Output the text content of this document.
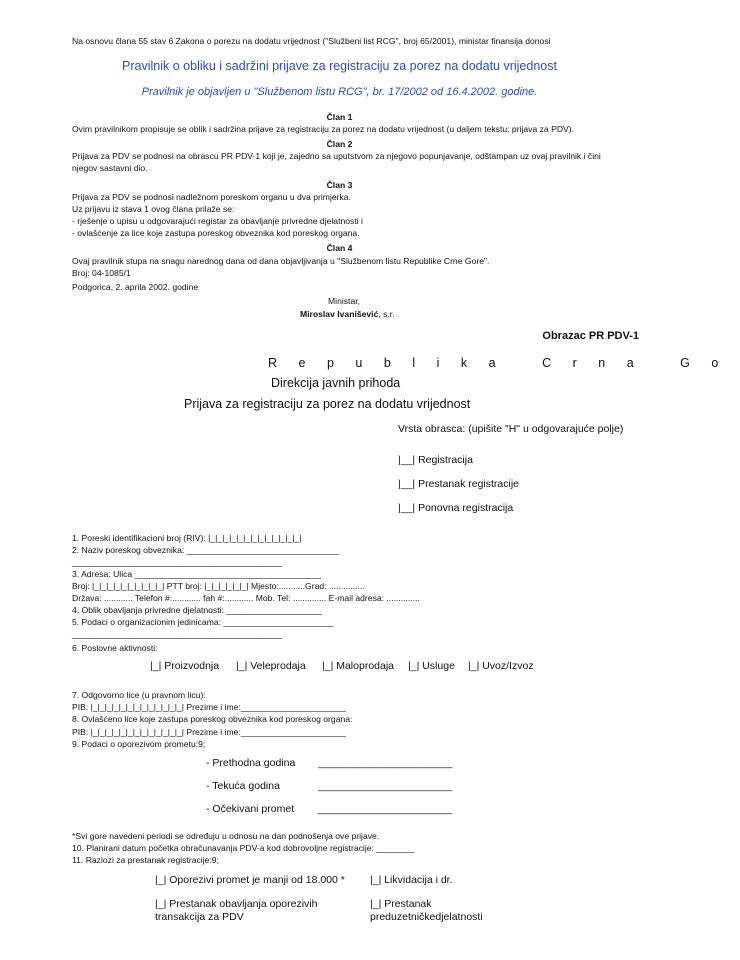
Na osnovu člana 55 stav 6 Zakona o porezu na dodatu vrijednost ("Službeni list RCG", broj 65/2001), ministar finansija donosi
Pravilnik o obliku i sadržini prijave za registraciju za porez na dodatu vrijednost
Pravilnik je objavljen u "Službenom listu RCG", br. 17/2002 od 16.4.2002. godine.
Član 1
Ovim pravilnikom propisuje se oblik i sadržina prijave za registraciju za porez na dodatu vrijednost (u daljem tekstu: prijava za PDV).
Član 2
Prijava za PDV se podnosi na obrascu PR PDV-1 koji je, zajedno sa uputstvom za njegovo popunjavanje, odštampan uz ovaj pravilnik i čini
njegov sastavni dio.
Član 3
Prijava za PDV se podnosi nadležnom poreskom organu u dva primjerka.
Uz prijavu iz stava 1 ovog člana prilaže se:
- rješenje o upisu u odgovarajući registar za obavljanje privredne djelatnosti i
- ovlašćenje za lice koje zastupa poreskog obveznika kod poreskog organa.
Član 4
Ovaj pravilnik stupa na snagu narednog dana od dana objavljivanja u "Službenom listu Republike Crne Gore".
Broj: 04-1085/1
Podgorica, 2. aprila 2002. godine
Ministar,
Miroslav Ivanišević, s.r.
Obrazac PR PDV-1
Republika Crna Go
Direkcija javnih prihoda
Prijava za registraciju za porez na dodatu vrijednost
Vrsta obrasca: (upišite "H" u odgovarajuće polje)
|__| Registracija
|__| Prestanak registracije
|__| Ponovna registracija
1. Poreski identifikacioni broj (RIV): |_|_|_|_|_|_|_|_|_|_|_|_|_|
2. Naziv poreskog obveznika: ________________________________
____________________________________________
3. Adresa: Ulica _______________________________________
Broj: |_|_|_|_|_|_|_|_|_|_| PTT broj: |_|_|_|_|_|_| Mjesto:...........Grad: ...............
Država: ............ Telefon #:............ fah #:............ Mob. Tel: .............. E-mail adresa: ..............
4. Oblik obavljanja privredne djelatnosti: ____________________
5. Podaci o organizacionim jedinicama: _______________________
____________________________________________
6. Poslovne aktivnosti:
|_| Proizvodnja |_| Veleprodaja |_| Maloprodaja |_| Usluge |_| Uvoz/Izvoz
7. Odgovorno lice (u pravnom licu):
PIB: |_|_|_|_|_|_|_|_|_|_|_|_|_| Prezime i ime:______________________
8. Ovlašćeno lice koje zastupa poreskog obveznika kod poreskog organa:
PIB: |_|_|_|_|_|_|_|_|_|_|_|_|_| Prezime i ime:______________________
9. Podaci o oporezivom prometu:9;
- Prethodna godina _______________________
- Tekuća godina	_______________________
- Očekivani promet _______________________
*Svi gore navedeni periodi se određuju u odnosu na dan podnošenja ove prijave.
10. Planirani datum početka obračunavanja PDV-a kod dobrovoljne registracije: ________
11. Razlozi za prestanak registracije:9;
|_| Oporezivi promet je manji od 18.000 * |_| Likvidacija i dr.
|_| Prestanak obavljanja oporezivih
transakcija za PDV
|_| Prestanak
preduzetničkedjelatnosti
